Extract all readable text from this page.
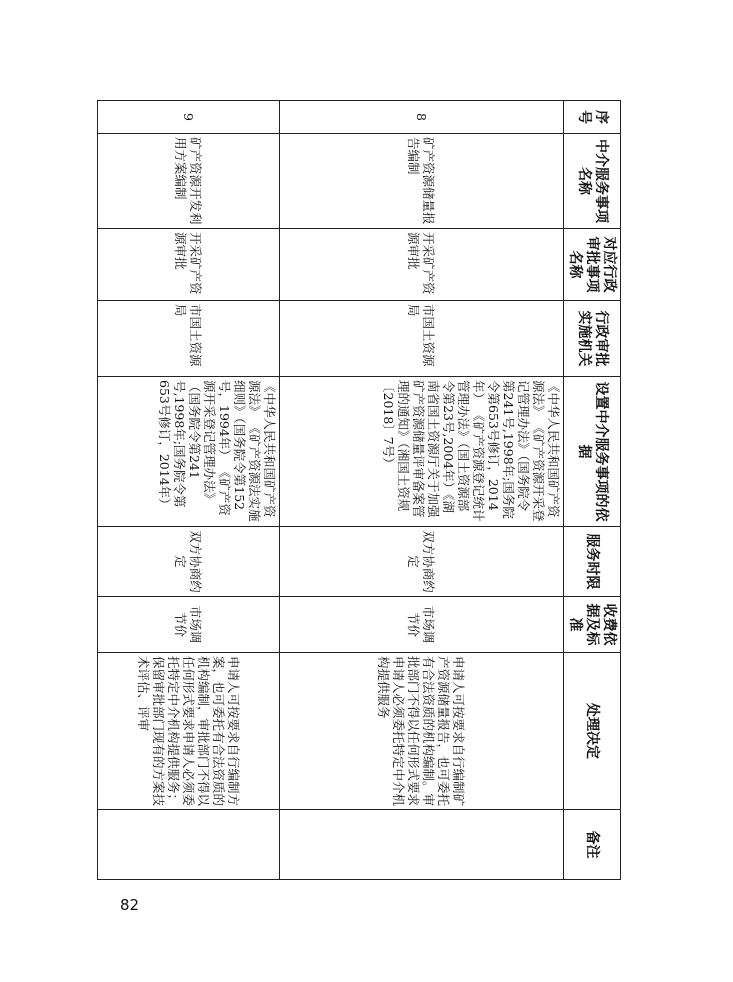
序号	中介服务事项名称	对应行政审批事项名称	行政审批实施机关	设置中介服务事项的依据	服务时限	收费依据及标准	处理决定	备注
8	矿产资源储量报告编制	开采矿产资源审批	市国土资源局	《中华人民共和国矿产资源法》 《矿产资源开采登记管理办法》（国务院令第241号,1998年;国务院令第653号修订，2014年） 《矿产资源登记统计管理办法》（国土资源部令第23号,2004年）《湖南省国土资源厅关于加强矿产资源储量评审备案管理的通知》（湘国土资规〔2018〕7号）	双方协商约定	市场调节价	申请人可按要求自行编制矿产资源储量报告，也可委托有合法资质的机构编制。审批部门不得以任何形式要求申请人必须委托特定中介机构提供服务	
9	矿产资源开发利用方案编制	开采矿产资源审批	市国土资源局	《中华人民共和国矿产资源法》 《矿产资源法实施细则》（国务院令第152号，1994年） 《矿产资源开采登记管理办法》（国务院令第241号,1998年;国务院令第653号修订，2014年）	双方协商约定	市场调节价	申请人可按要求自行编制方案，也可委托有合法资质的机构编制，审批部门不得以任何形式要求申请人必须委托特定中介机构提供服务；保留审批部门现有的方案技术评估、评审	
82
